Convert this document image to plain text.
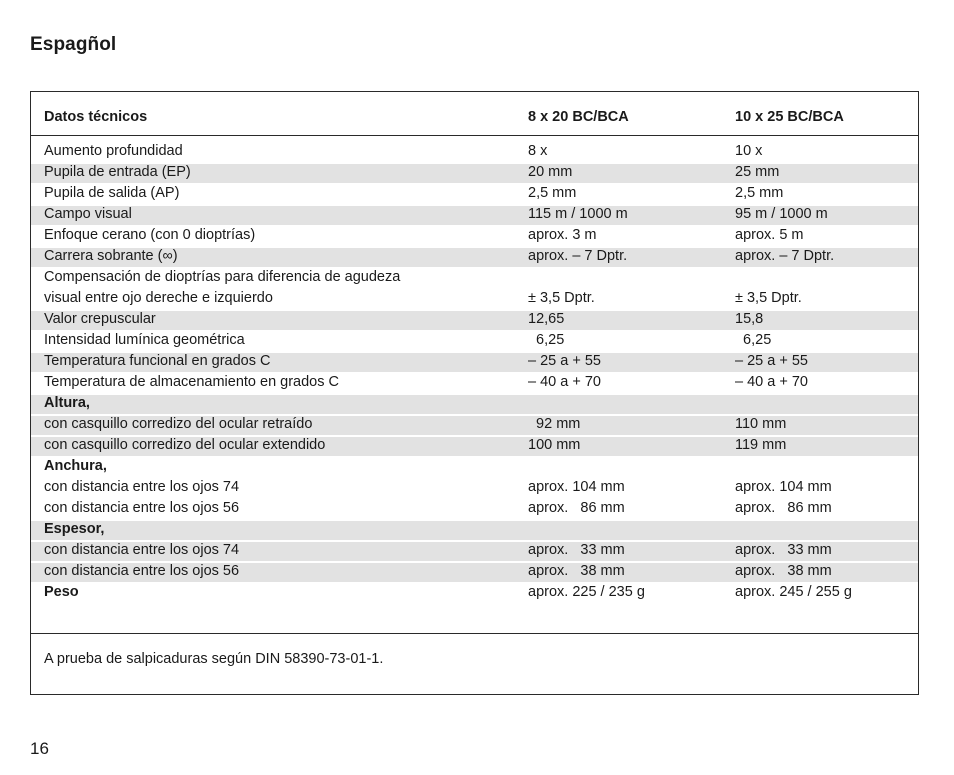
Espagñol
Datos técnicos	8 x 20 BC/BCA	10 x 25 BC/BCA
Aumento profundidad	8 x	10 x
Pupila de entrada (EP)	20 mm	25 mm
Pupila de salida (AP)	2,5 mm	2,5 mm
Campo visual	115 m / 1000 m	95 m / 1000 m
Enfoque cerano (con 0 dioptrías)	aprox. 3 m	aprox. 5 m
Carrera sobrante (∞)	aprox. – 7 Dptr.	aprox. – 7 Dptr.
Compensación de dioptrías para diferencia de agudeza
visual entre ojo dereche e izquierdo	± 3,5 Dptr.	± 3,5 Dptr.
Valor crepuscular	12,65	15,8
Intensidad lumínica geométrica	6,25	6,25
Temperatura funcional en grados C	– 25 a + 55	– 25 a + 55
Temperatura de almacenamiento en grados C	– 40 a + 70	– 40 a + 70
Altura,
con casquillo corredizo del ocular retraído	92 mm	110 mm
con casquillo corredizo del ocular extendido	100 mm	119 mm
Anchura,
con distancia entre los ojos 74	aprox. 104 mm	aprox. 104 mm
con distancia entre los ojos 56	aprox.   86 mm	aprox.   86 mm
Espesor,
con distancia entre los ojos 74	aprox.   33 mm	aprox.   33 mm
con distancia entre los ojos 56	aprox.   38 mm	aprox.   38 mm
Peso	aprox. 225 / 235 g	aprox. 245 / 255 g
A prueba de salpicaduras según DIN 58390-73-01-1.
16
